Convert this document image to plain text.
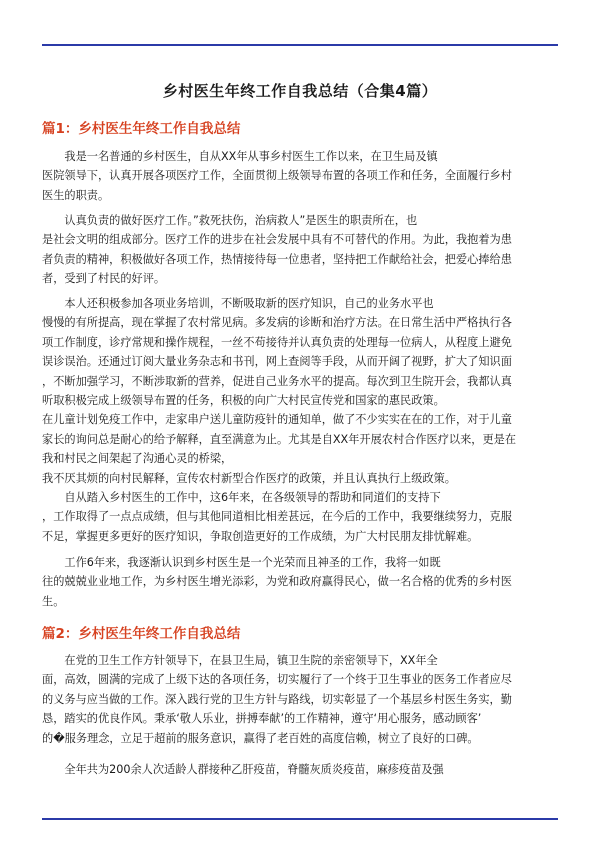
乡村医生年终工作自我总结（合集4篇）
篇1：乡村医生年终工作自我总结
　　我是一名普通的乡村医生，自从XX年从事乡村医生工作以来，在卫生局及镇
医院领导下，认真开展各项医疗工作，全面贯彻上级领导布置的各项工作和任务，全面履行乡村
医生的职责。
　　认真负责的做好医疗工作。”救死扶伤，治病救人”是医生的职责所在，也
是社会文明的组成部分。医疗工作的进步在社会发展中具有不可替代的作用。为此，我抱着为患
者负责的精神，积极做好各项工作，热情接待每一位患者，坚持把工作献给社会，把爱心捧给患
者，受到了村民的好评。
　　本人还积极参加各项业务培训，不断吸取新的医疗知识，自己的业务水平也
慢慢的有所提高，现在掌握了农村常见病。多发病的诊断和治疗方法。在日常生活中严格执行各
项工作制度，诊疗常规和操作规程，一丝不苟接待并认真负责的处理每一位病人，从程度上避免
误诊误治。还通过订阅大量业务杂志和书刊，网上查阅等手段，从而开阔了视野，扩大了知识面
，不断加强学习，不断涉取新的营养，促进自己业务水平的提高。每次到卫生院开会，我都认真
听取积极完成上级领导布置的任务，积极的向广大村民宣传党和国家的惠民政策。
在儿童计划免疫工作中，走家串户送儿童防疫针的通知单，做了不少实实在在的工作，对于儿童
家长的询问总是耐心的给予解释，直至满意为止。尤其是自XX年开展农村合作医疗以来，更是在
我和村民之间架起了沟通心灵的桥梁，
我不厌其烦的向村民解释，宣传农村新型合作医疗的政策，并且认真执行上级政策。
　　自从踏入乡村医生的工作中，这6年来，在各级领导的帮助和同道们的支持下
，工作取得了一点点成绩，但与其他同道相比相差甚远，在今后的工作中，我要继续努力，克服
不足，掌握更多更好的医疗知识，争取创造更好的工作成绩，为广大村民朋友排忧解难。
　　工作6年来，我逐渐认识到乡村医生是一个光荣而且神圣的工作，我将一如既
往的兢兢业业地工作，为乡村医生增光添彩，为党和政府赢得民心，做一名合格的优秀的乡村医
生。
篇2：乡村医生年终工作自我总结
　　在党的卫生工作方针领导下，在县卫生局，镇卫生院的亲密领导下，XX年全
面，高效，圆满的完成了上级下达的各项任务，切实履行了一个终于卫生事业的医务工作者应尽
的义务与应当做的工作。深入践行党的卫生方针与路线，切实彰显了一个基层乡村医生务实，勤
恳，踏实的优良作风。秉承‘敬人乐业，拼搏奉献’的工作精神，遵守‘用心服务，感动顾客’
的�服务理念，立足于超前的服务意识，赢得了老百姓的高度信赖，树立了良好的口碑。
　　全年共为200余人次适龄人群接种乙肝疫苗，脊髓灰质炎疫苗，麻疹疫苗及强
